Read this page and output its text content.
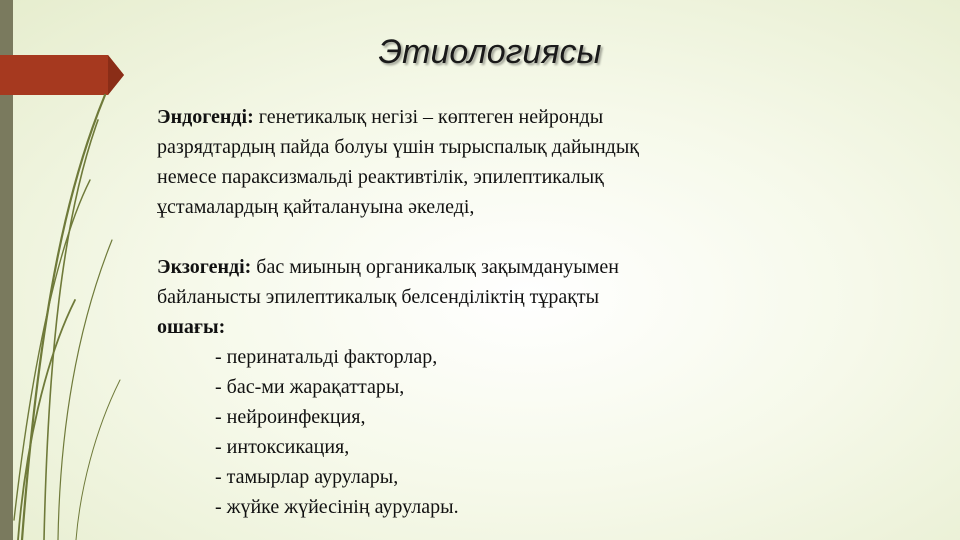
Этиологиясы

Эндогенді: генетикалық негізі – көптеген нейронды
разрядтардың пайда болуы үшін тырыспалық дайындық
немесе параксизмальді реактивтілік, эпилептикалық
ұстамалардың қайталануына әкеледі,

Экзогенді: бас миының органикалық зақымдануымен
байланысты эпилептикалық белсенділіктің тұрақты
ошағы:

- перинатальді факторлар,
- бас-ми жарақаттары,
- нейроинфекция,
- интоксикация,
- тамырлар аурулары,
- жүйке жүйесінің аурулары.
